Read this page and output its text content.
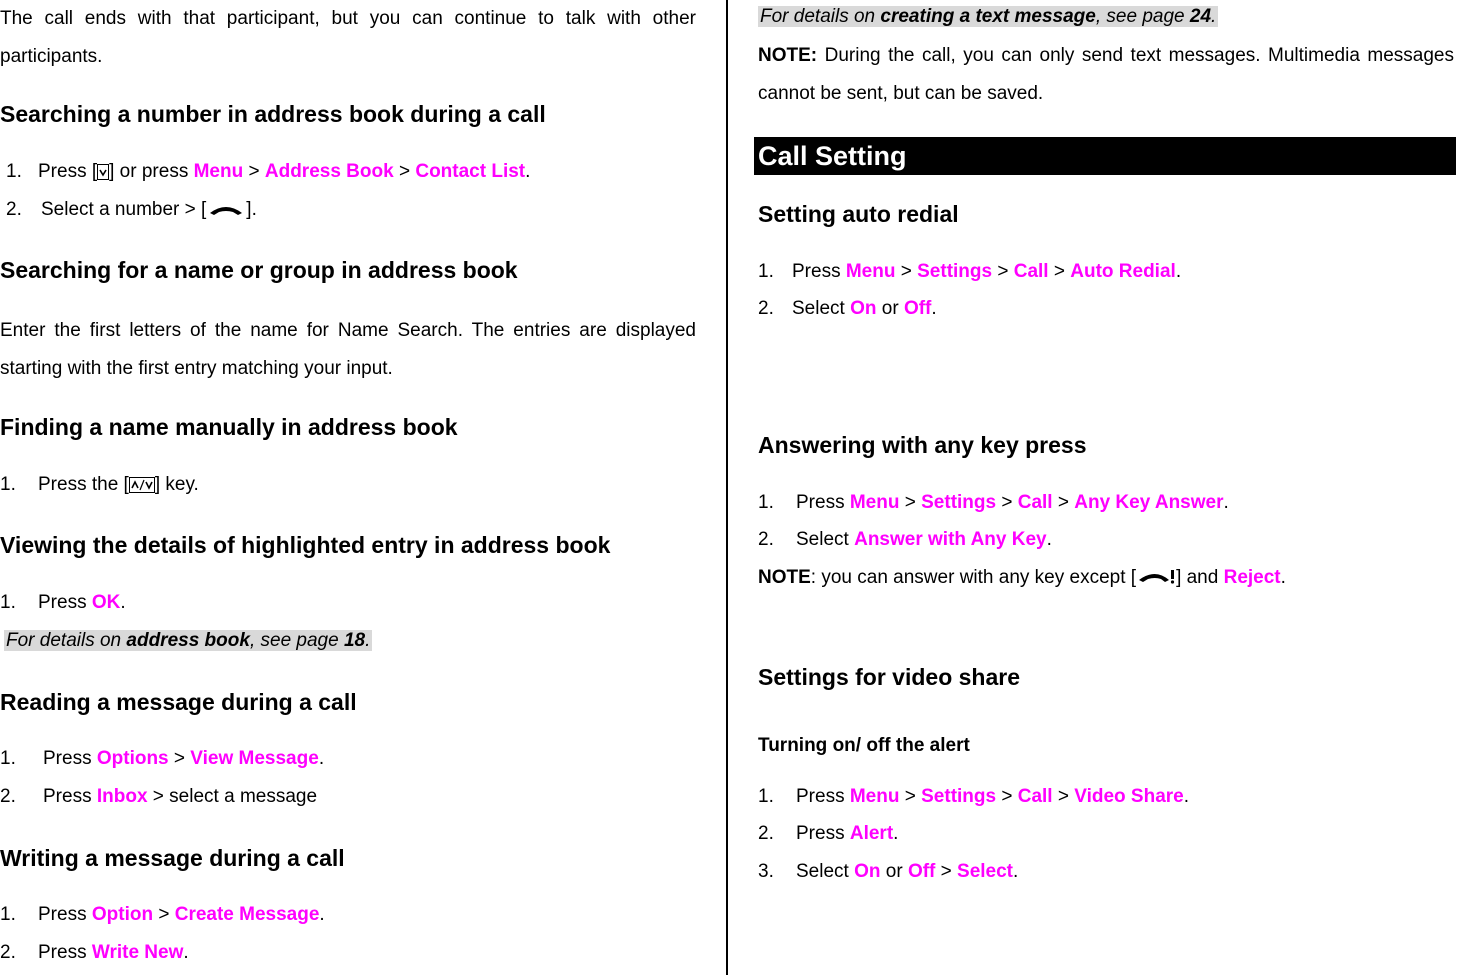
The call ends with that participant, but you can continue to talk with other participants.

Searching a number in address book during a call
1. Press [ ] or press Menu > Address Book > Contact List.
2. Select a number > [ ].
Searching for a name or group in address book

Enter the first letters of the name for Name Search. The entries are displayed starting with the first entry matching your input.

Finding a name manually in address book
1. Press the [ ] key.
Viewing the details of highlighted entry in address book
1. Press OK.
For details on address book, see page 18.
Reading a message during a call
1. Press Options > View Message.
2. Press Inbox > select a message
Writing a message during a call
1. Press Option > Create Message.
2. Press Write New.
For details on creating a text message, see page 24.

NOTE: During the call, you can only send text messages. Multimedia messages cannot be sent, but can be saved.

Call Setting
Setting auto redial
1. Press Menu > Settings > Call > Auto Redial.
2. Select On or Off.
Answering with any key press
1. Press Menu > Settings > Call > Any Key Answer.
2. Select Answer with Any Key.
NOTE: you can answer with any key except [ ] and Reject.
Settings for video share
Turning on/ off the alert
1. Press Menu > Settings > Call > Video Share.
2. Press Alert.
3. Select On or Off > Select.
